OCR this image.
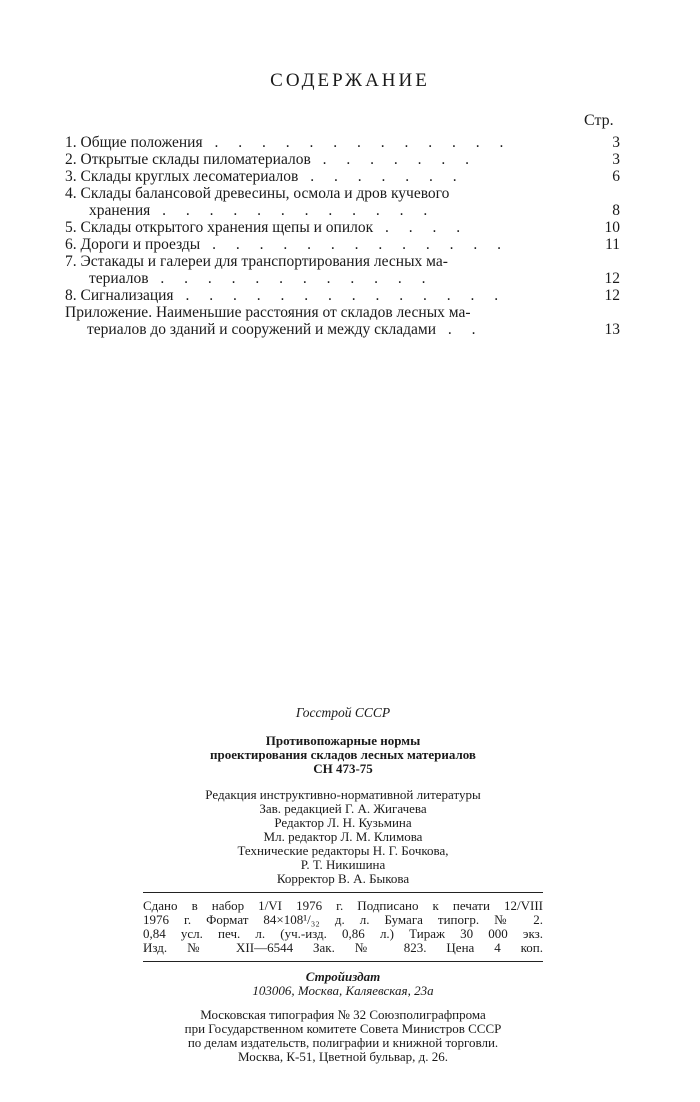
СОДЕРЖАНИЕ
Стр.
1. Общие положения . . . . . . . . . . . . .	3
2. Открытые склады пиломатериалов . . . . . . .	3
3. Склады круглых лесоматериалов . . . . . . .	6
4. Склады балансовой древесины, осмола и дров кучевого
хранения . . . . . . . . . . . .	8
5. Склады открытого хранения щепы и опилок . . . .	10
6. Дороги и проезды . . . . . . . . . . . . .	11
7. Эстакады и галереи для транспортирования лесных ма-
териалов . . . . . . . . . . . .	12
8. Сигнализация . . . . . . . . . . . . . .	12
Приложение. Наименьшие расстояния от складов лесных ма-
териалов до зданий и сооружений и между складами . .	13
Госстрой СССР
Противопожарные нормы
проектирования складов лесных материалов
СН 473-75
Редакция инструктивно-нормативной литературы
Зав. редакцией Г. А. Жигачева
Редактор Л. Н. Кузьмина
Мл. редактор Л. М. Климова
Технические редакторы Н. Г. Бочкова,
Р. Т. Никишина
Корректор В. А. Быкова
Сдано в набор 1/VI 1976 г. Подписано к печати 12/VIII
1976 г. Формат 84×108¹/₃₂ д. л. Бумага типогр. № 2.
0,84 усл. печ. л. (уч.-изд. 0,86 л.) Тираж 30 000 экз.
Изд. № XII—6544 Зак. № 823. Цена 4 коп.
Стройиздат
103006, Москва, Каляевская, 23а
Московская типография № 32 Союзполиграфпрома
при Государственном комитете Совета Министров СССР
по делам издательств, полиграфии и книжной торговли.
Москва, К-51, Цветной бульвар, д. 26.
